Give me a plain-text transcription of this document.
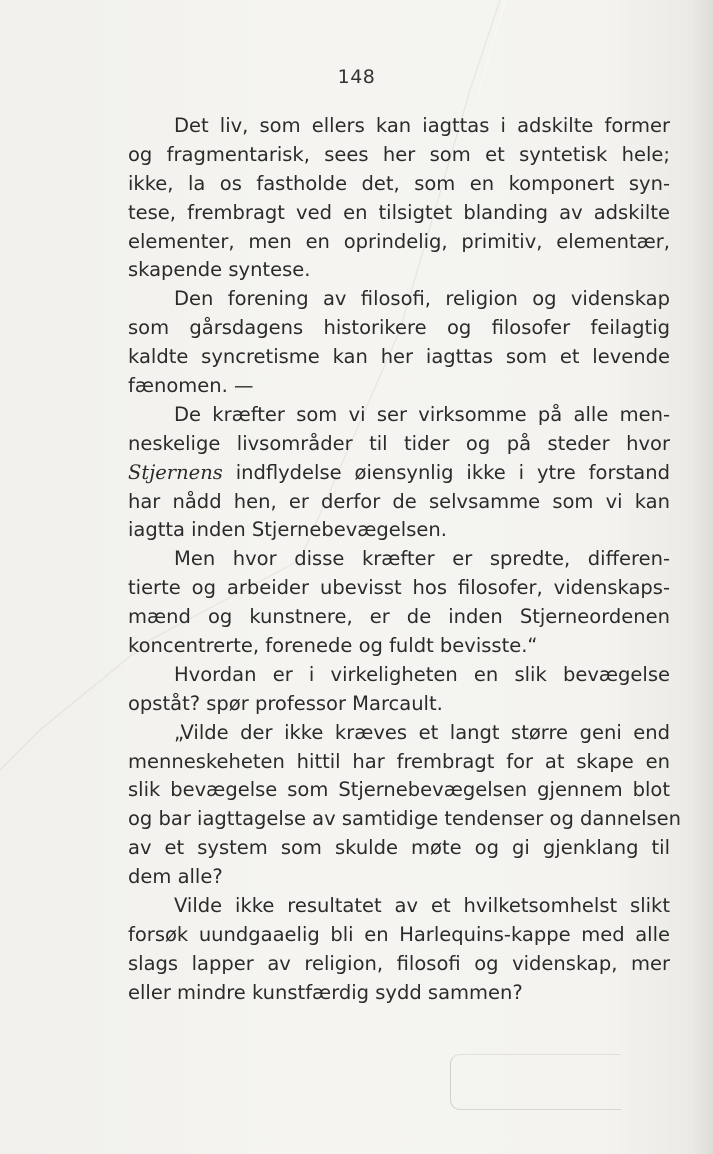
148
Det liv, som ellers kan iagttas i adskilte former
og fragmentarisk, sees her som et syntetisk hele;
ikke, la os fastholde det, som en komponert syn-
tese, frembragt ved en tilsigtet blanding av adskilte
elementer, men en oprindelig, primitiv, elementær,
skapende syntese.
Den forening av filosofi, religion og videnskap
som gårsdagens historikere og filosofer feilagtig
kaldte syncretisme kan her iagttas som et levende
fænomen. —
De kræfter som vi ser virksomme på alle men-
neskelige livsområder til tider og på steder hvor
Stjernens indflydelse øiensynlig ikke i ytre forstand
har nådd hen, er derfor de selvsamme som vi kan
iagtta inden Stjernebevægelsen.
Men hvor disse kræfter er spredte, differen-
tierte og arbeider ubevisst hos filosofer, videnskaps-
mænd og kunstnere, er de inden Stjerneordenen
koncentrerte, forenede og fuldt bevisste.“
Hvordan er i virkeligheten en slik bevægelse
opståt? spør professor Marcault.
„Vilde der ikke kræves et langt større geni end
menneskeheten hittil har frembragt for at skape en
slik bevægelse som Stjernebevægelsen gjennem blot
og bar iagttagelse av samtidige tendenser og dannelsen
av et system som skulde møte og gi gjenklang til
dem alle?
Vilde ikke resultatet av et hvilketsomhelst slikt
forsøk uundgaaelig bli en Harlequins-kappe med alle
slags lapper av religion, filosofi og videnskap, mer
eller mindre kunstfærdig sydd sammen?
